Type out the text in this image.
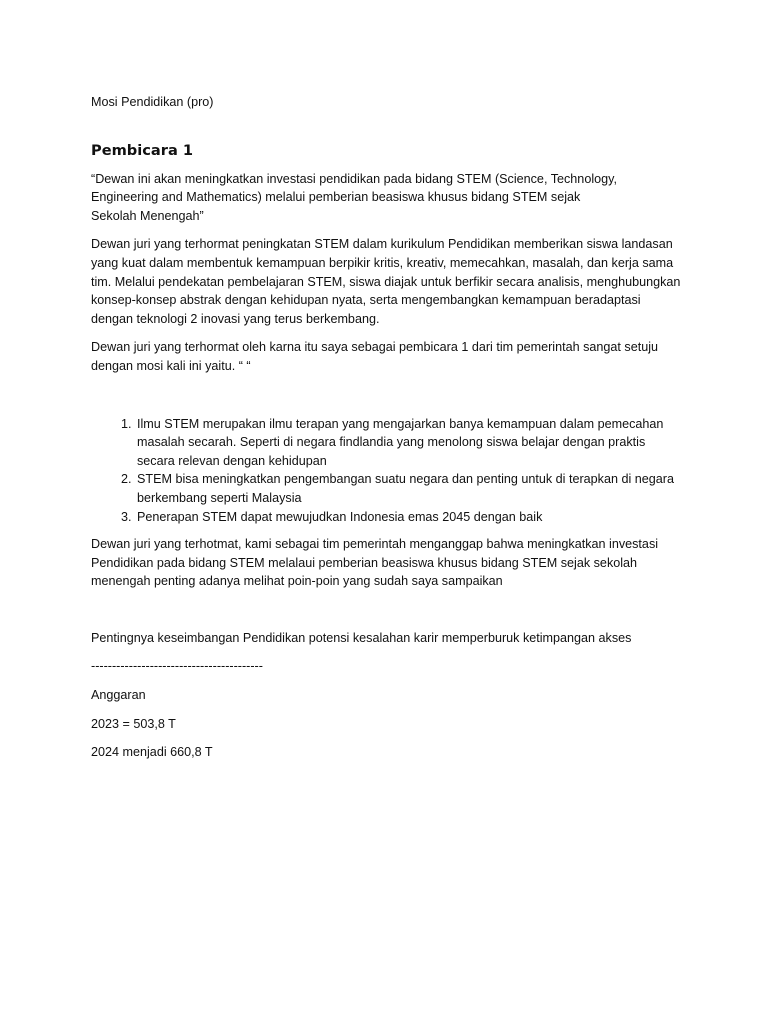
Mosi Pendidikan (pro)

Pembicara 1

“Dewan ini akan meningkatkan investasi pendidikan pada bidang STEM (Science, Technology,
Engineering and Mathematics) melalui pemberian beasiswa khusus bidang STEM sejak
Sekolah Menengah”

Dewan juri yang terhormat peningkatan STEM dalam kurikulum Pendidikan memberikan siswa landasan yang kuat dalam membentuk kemampuan berpikir kritis, kreativ, memecahkan, masalah, dan kerja sama tim. Melalui pendekatan pembelajaran STEM, siswa diajak untuk berfikir secara analisis, menghubungkan konsep-konsep abstrak dengan kehidupan nyata, serta mengembangkan kemampuan beradaptasi dengan teknologi 2 inovasi yang terus berkembang.

Dewan juri yang terhormat oleh karna itu saya sebagai pembicara 1 dari tim pemerintah sangat setuju dengan mosi kali ini yaitu. “ “

1. Ilmu STEM merupakan ilmu terapan yang mengajarkan banya kemampuan dalam pemecahan masalah secarah. Seperti di negara findlandia yang menolong siswa belajar dengan praktis secara relevan dengan kehidupan
2. STEM bisa meningkatkan pengembangan suatu negara dan penting untuk di terapkan di negara berkembang seperti Malaysia
3. Penerapan STEM dapat mewujudkan Indonesia emas 2045 dengan baik

Dewan juri yang terhotmat, kami sebagai tim pemerintah menganggap bahwa meningkatkan investasi Pendidikan pada bidang STEM melalaui pemberian beasiswa khusus bidang STEM sejak sekolah menengah penting adanya melihat poin-poin yang sudah saya sampaikan

Pentingnya keseimbangan Pendidikan potensi kesalahan karir memperburuk ketimpangan akses

-----------------------------------------

Anggaran

2023 = 503,8 T

2024 menjadi 660,8 T
